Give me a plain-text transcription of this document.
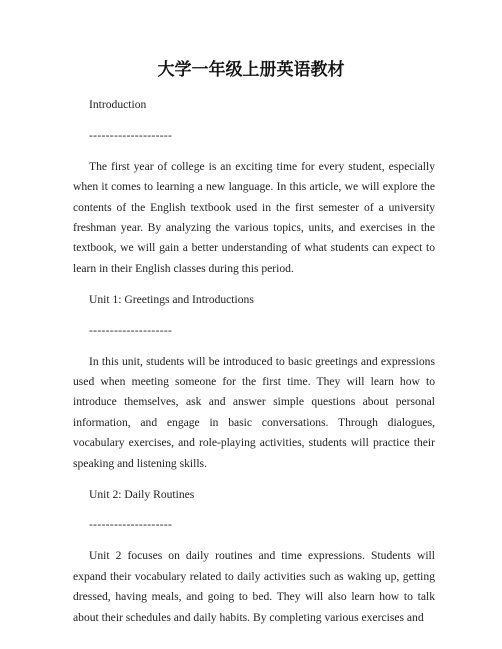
大学一年级上册英语教材

Introduction

--------------------

The first year of college is an exciting time for every student, especially when it comes to learning a new language. In this article, we will explore the contents of the English textbook used in the first semester of a university freshman year. By analyzing the various topics, units, and exercises in the textbook, we will gain a better understanding of what students can expect to learn in their English classes during this period.

Unit 1: Greetings and Introductions

--------------------

In this unit, students will be introduced to basic greetings and expressions used when meeting someone for the first time. They will learn how to introduce themselves, ask and answer simple questions about personal information, and engage in basic conversations. Through dialogues, vocabulary exercises, and role-playing activities, students will practice their speaking and listening skills.

Unit 2: Daily Routines

--------------------

Unit 2 focuses on daily routines and time expressions. Students will expand their vocabulary related to daily activities such as waking up, getting dressed, having meals, and going to bed. They will also learn how to talk about their schedules and daily habits. By completing various exercises and
